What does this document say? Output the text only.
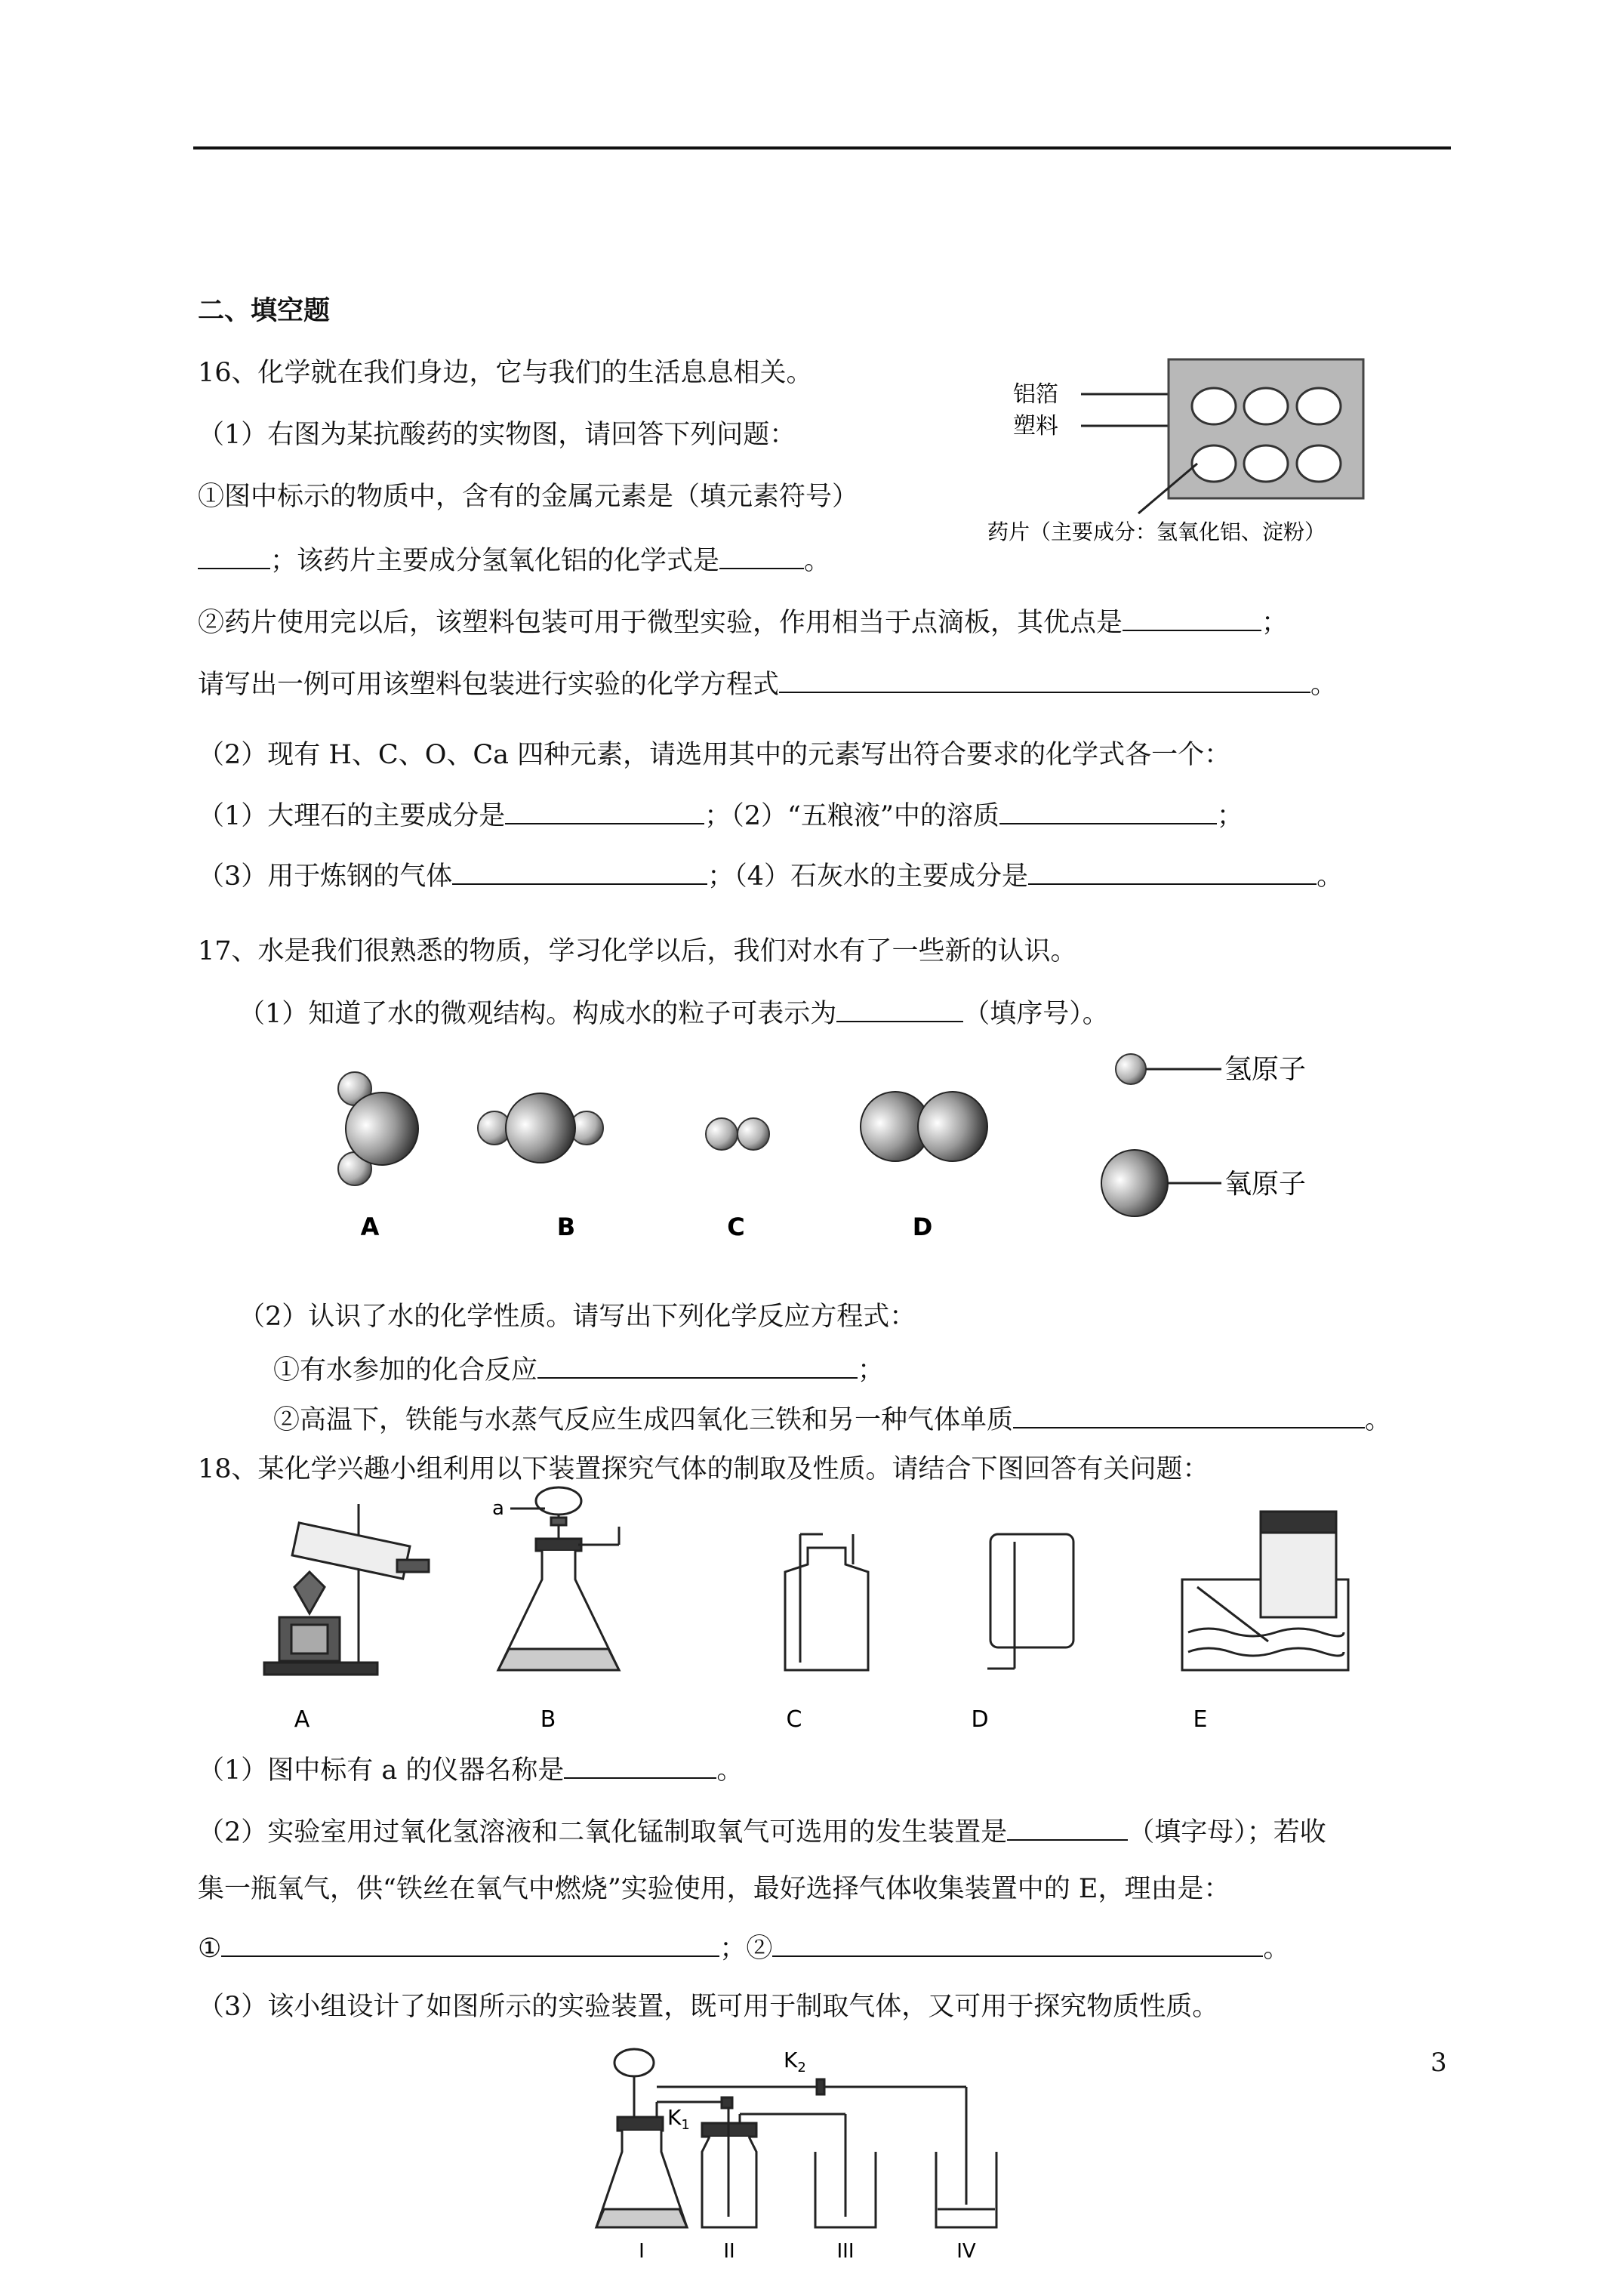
二、填空题
16、化学就在我们身边，它与我们的生活息息相关。
（1）右图为某抗酸药的实物图，请回答下列问题：
①图中标示的物质中，含有的金属元素是（填元素符号）
；该药片主要成分氢氧化铝的化学式是	。
②药片使用完以后，该塑料包装可用于微型实验，作用相当于点滴板，其优点是	；
请写出一例可用该塑料包装进行实验的化学方程式	。
（2）现有 H、C、O、Ca 四种元素，请选用其中的元素写出符合要求的化学式各一个：
（1）大理石的主要成分是	；（2）“五粮液”中的溶质	；
（3）用于炼钢的气体	；（4）石灰水的主要成分是	。
铝箔
塑料
药片（主要成分：氢氧化铝、淀粉）
17、水是我们很熟悉的物质，学习化学以后，我们对水有了一些新的认识。
（1）知道了水的微观结构。构成水的粒子可表示为	（填序号）。
A	B	C	D
氢原子
氧原子
（2）认识了水的化学性质。请写出下列化学反应方程式：
①有水参加的化合反应	；
②高温下，铁能与水蒸气反应生成四氧化三铁和另一种气体单质	。
18、某化学兴趣小组利用以下装置探究气体的制取及性质。请结合下图回答有关问题：
a
A	B	C	D	E
（1）图中标有 a 的仪器名称是	。
（2）实验室用过氧化氢溶液和二氧化锰制取氧气可选用的发生装置是	（填字母）；若收
集一瓶氧气，供“铁丝在氧气中燃烧”实验使用，最好选择气体收集装置中的 E，理由是：
①	；②	。
（3）该小组设计了如图所示的实验装置，既可用于制取气体，又可用于探究物质性质。
$K_2$
$K_1$
I	II	III	IV
3
